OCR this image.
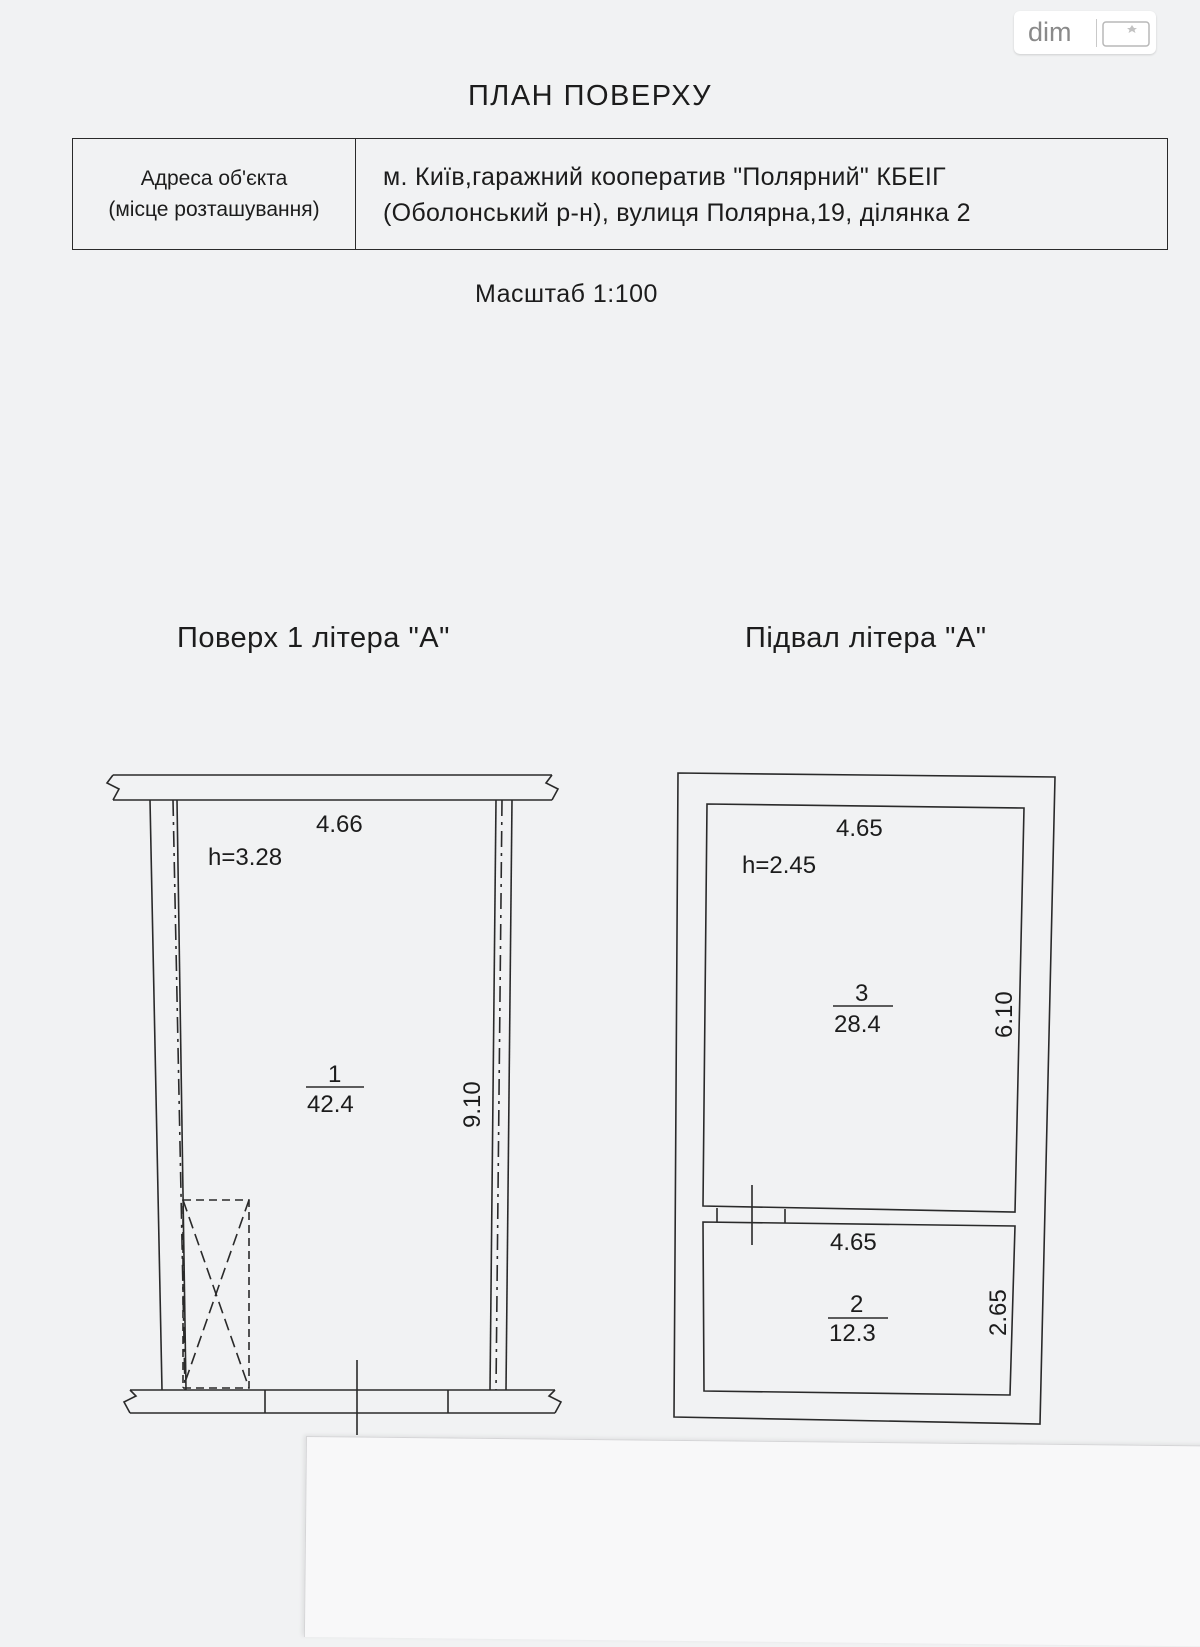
dim
ПЛАН ПОВЕРХУ
Адреса об'єкта
(місце розташування)
м. Київ,гаражний кооператив "Полярний" КБЕІГ
(Оболонський р-н), вулиця Полярна,19, ділянка 2
Масштаб 1:100
Поверх 1 літера "А"	Підвал літера "А"
4.66
h=3.28
1
42.4	9.10
4.65
h=2.45
3
28.4	6.10
4.65
2
12.3	2.65
